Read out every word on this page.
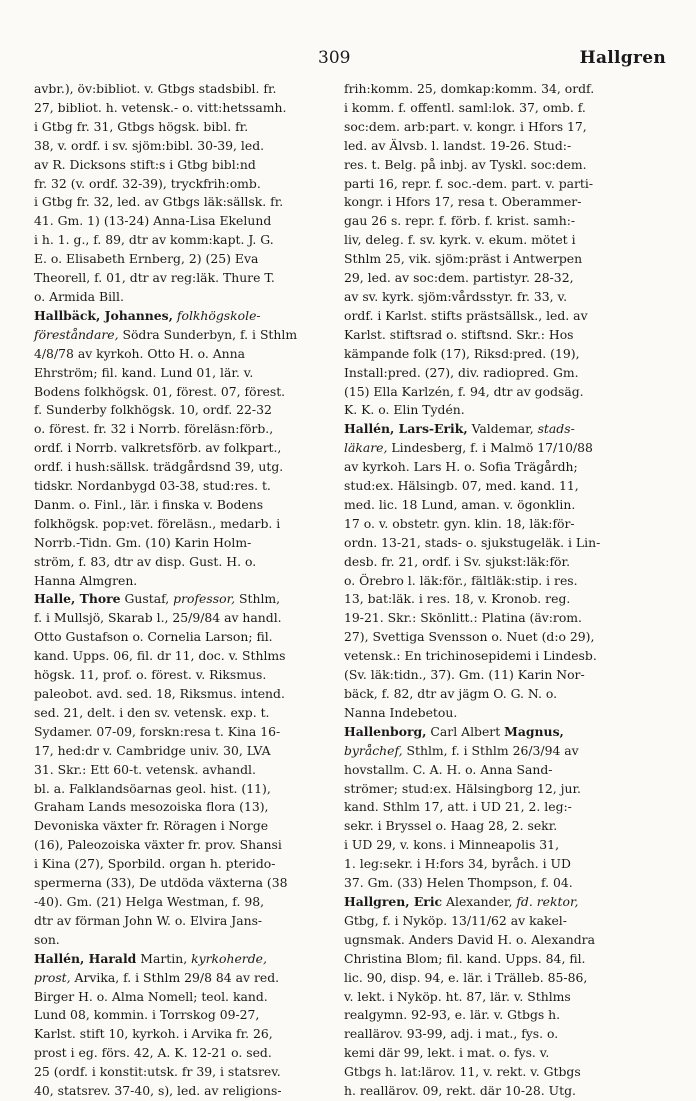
309	Hallgren
avbr.), öv:bibliot. v. Gtbgs stadsbibl. fr.
27, bibliot. h. vetensk.- o. vitt:hetssamh.
i Gtbg fr. 31, Gtbgs högsk. bibl. fr.
38, v. ordf. i sv. sjöm:bibl. 30-39, led.
av R. Dicksons stift:s i Gtbg bibl:nd
fr. 32 (v. ordf. 32-39), tryckfrih:omb.
i Gtbg fr. 32, led. av Gtbgs läk:sällsk. fr.
41. Gm. 1) (13-24) Anna-Lisa Ekelund
i h. 1. g., f. 89, dtr av komm:kapt. J. G.
E. o. Elisabeth Ernberg, 2) (25) Eva
Theorell, f. 01, dtr av reg:läk. Thure T.
o. Armida Bill.
Hallbäck, Johannes, folkhögskole-
föreståndare, Södra Sunderbyn, f. i Sthlm
4/8/78 av kyrkoh. Otto H. o. Anna
Ehrström; fil. kand. Lund 01, lär. v.
Bodens folkhögsk. 01, förest. 07, förest.
f. Sunderby folkhögsk. 10, ordf. 22-32
o. förest. fr. 32 i Norrb. föreläsn:förb.,
ordf. i Norrb. valkretsförb. av folkpart.,
ordf. i hush:sällsk. trädgårdsnd 39, utg.
tidskr. Nordanbygd 03-38, stud:res. t.
Danm. o. Finl., lär. i finska v. Bodens
folkhögsk. pop:vet. föreläsn., medarb. i
Norrb.-Tidn. Gm. (10) Karin Holm-
ström, f. 83, dtr av disp. Gust. H. o.
Hanna Almgren.
Halle, Thore Gustaf, professor, Sthlm,
f. i Mullsjö, Skarab l., 25/9/84 av handl.
Otto Gustafson o. Cornelia Larson; fil.
kand. Upps. 06, fil. dr 11, doc. v. Sthlms
högsk. 11, prof. o. förest. v. Riksmus.
paleobot. avd. sed. 18, Riksmus. intend.
sed. 21, delt. i den sv. vetensk. exp. t.
Sydamer. 07-09, forskn:resa t. Kina 16-
17, hed:dr v. Cambridge univ. 30, LVA
31. Skr.: Ett 60-t. vetensk. avhandl.
bl. a. Falklandsöarnas geol. hist. (11),
Graham Lands mesozoiska flora (13),
Devoniska växter fr. Röragen i Norge
(16), Paleozoiska växter fr. prov. Shansi
i Kina (27), Sporbild. organ h. pteridо-
spermerna (33), De utdöda växterna (38
-40). Gm. (21) Helga Westman, f. 98,
dtr av förman John W. o. Elvira Jans-
son.
Hallén, Harald Martin, kyrkoherde,
prost, Arvika, f. i Sthlm 29/8 84 av red.
Birger H. o. Alma Nomell; teol. kand.
Lund 08, kommin. i Torrskog 09-27,
Karlst. stift 10, kyrkoh. i Arvika fr. 26,
prost i eg. förs. 42, A. K. 12-21 o. sed.
25 (ordf. i konstit:utsk. fr 39, i statsrev.
40, statsrev. 37-40, s), led. av religions-
frih:komm. 25, domkap:komm. 34, ordf.
i komm. f. offentl. saml:lok. 37, omb. f.
soc:dem. arb:part. v. kongr. i Hfors 17,
led. av Älvsb. l. landst. 19-26. Stud:-
res. t. Belg. på inbj. av Tyskl. soc:dem.
parti 16, repr. f. soc.-dem. part. v. parti-
kongr. i Hfors 17, resa t. Oberammer-
gau 26 s. repr. f. förb. f. krist. samh:-
liv, deleg. f. sv. kyrk. v. ekum. mötet i
Sthlm 25, vik. sjöm:präst i Antwerpen
29, led. av soc:dem. partistyr. 28-32,
av sv. kyrk. sjöm:vårdsstyr. fr. 33, v.
ordf. i Karlst. stifts prästsällsk., led. av
Karlst. stiftsrad o. stiftsnd. Skr.: Hos
kämpande folk (17), Riksd:pred. (19),
Install:pred. (27), div. radiopred. Gm.
(15) Ella Karlzén, f. 94, dtr av godsäg.
K. K. o. Elin Tydén.
Hallén, Lars-Erik, Valdemar, stads-
läkare, Lindesberg, f. i Malmö 17/10/88
av kyrkoh. Lars H. o. Sofia Trägårdh;
stud:ex. Hälsingb. 07, med. kand. 11,
med. lic. 18 Lund, aman. v. ögonklin.
17 o. v. obstetr. gyn. klin. 18, läk:för-
ordn. 13-21, stads- o. sjukstugeläk. i Lin-
desb. fr. 21, ordf. i Sv. sjukst:läk:för.
o. Örebro l. läk:för., fältläk:stip. i res.
13, bat:läk. i res. 18, v. Kronob. reg.
19-21. Skr.: Skönlitt.: Platina (äv:rom.
27), Svettiga Svensson o. Nuet (d:o 29),
vetensk.: En trichinosepidemi i Lindesb.
(Sv. läk:tidn., 37). Gm. (11) Karin Nor-
bäck, f. 82, dtr av jägm O. G. N. o.
Nanna Indebetou.
Hallenborg, Carl Albert Magnus,
byråchef, Sthlm, f. i Sthlm 26/3/94 av
hovstallm. C. A. H. o. Anna Sand-
strömer; stud:ex. Hälsingborg 12, jur.
kand. Sthlm 17, att. i UD 21, 2. leg:-
sekr. i Bryssel o. Haag 28, 2. sekr.
i UD 29, v. kons. i Minneapolis 31,
1. leg:sekr. i H:fors 34, byråch. i UD
37. Gm. (33) Helen Thompson, f. 04.
Hallgren, Eric Alexander, fd. rektor,
Gtbg, f. i Nyköp. 13/11/62 av kakel-
ugnsmak. Anders David H. o. Alexandra
Christina Blom; fil. kand. Upps. 84, fil.
lic. 90, disp. 94, e. lär. i Trälleb. 85-86,
v. lekt. i Nyköp. ht. 87, lär. v. Sthlms
realgymn. 92-93, e. lär. v. Gtbgs h.
reallärov. 93-99, adj. i mat., fys. o.
kemi där 99, lekt. i mat. o. fys. v.
Gtbgs h. lat:lärov. 11, v. rekt. v. Gtbgs
h. reallärov. 09, rekt. där 10-28. Utg.
